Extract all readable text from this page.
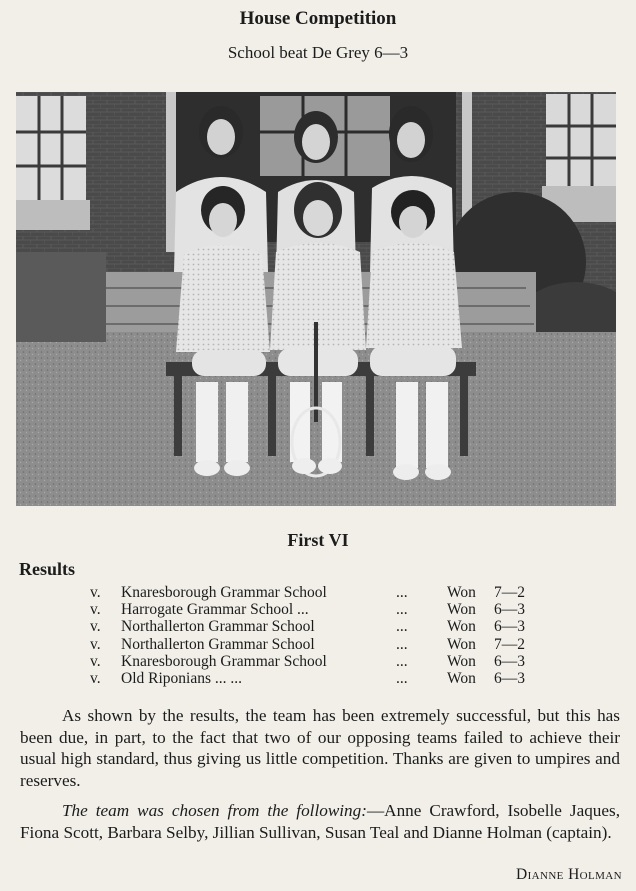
House Competition
School beat De Grey 6—3
First VI
Results
v. Knaresborough Grammar School	...	Won 7—2
v. Harrogate Grammar School ...	...	Won 6—3
v. Northallerton Grammar School	...	Won 6—3
v. Northallerton Grammar School	...	Won 7—2
v. Knaresborough Grammar School	...	Won 6—3
v. Old Riponians ... ...	...	Won 6—3
As shown by the results, the team has been extremely successful, but this has been due, in part, to the fact that two of our opposing teams failed to achieve their usual high standard, thus giving us little competition. Thanks are given to umpires and reserves.
The team was chosen from the following:—Anne Crawford, Isobelle Jaques, Fiona Scott, Barbara Selby, Jillian Sullivan, Susan Teal and Dianne Holman (captain).
Dianne Holman
